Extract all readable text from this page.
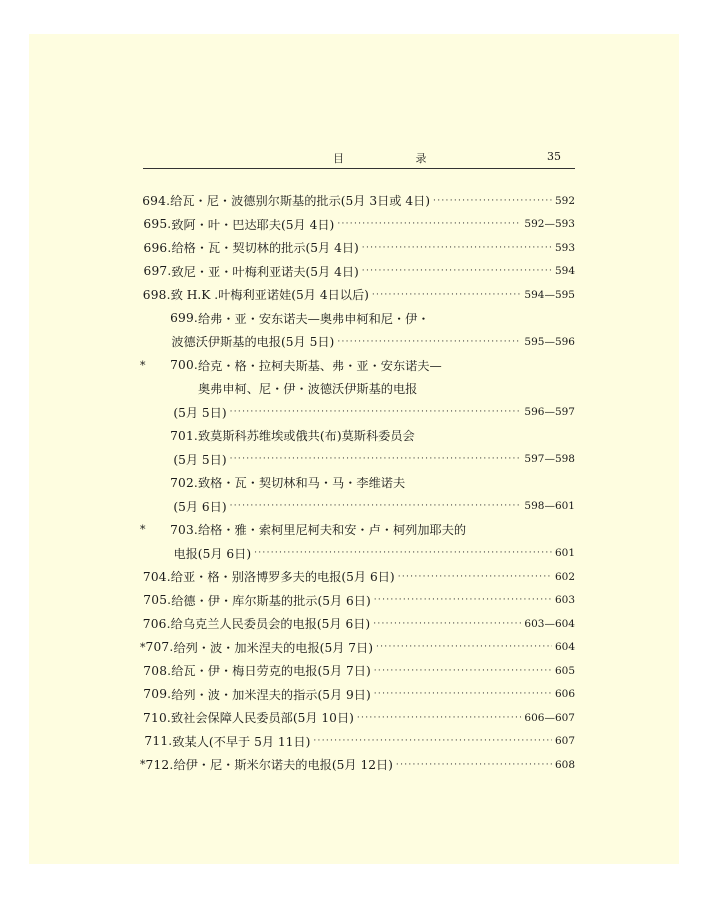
目 录	35
694. 给瓦・尼・波德别尔斯基的批示(5月 3日或 4日) ·····	592
695. 致阿・叶・巴达耶夫(5月 4日) ·····	592—593
696. 给格・瓦・契切林的批示(5月 4日) ·····	593
697. 致尼・亚・叶梅利亚诺夫(5月 4日) ·····	594
698. 致 H.K .叶梅利亚诺娃(5月 4日以后) ·····	594—595
699. 给弗・亚・安东诺夫—奥弗申柯和尼・伊・
波德沃伊斯基的电报(5月 5日) ·····	595—596
*	700. 给克・格・拉柯夫斯基、弗・亚・安东诺夫—
奥弗申柯、尼・伊・波德沃伊斯基的电报
(5月 5日) ·····	596—597
701. 致莫斯科苏维埃或俄共(布)莫斯科委员会
(5月 5日) ·····	597—598
702. 致格・瓦・契切林和马・马・李维诺夫
(5月 6日) ·····	598—601
*	703. 给格・雅・索柯里尼柯夫和安・卢・柯列加耶夫的
电报(5月 6日) ·····	601
704. 给亚・格・别洛博罗多夫的电报(5月 6日) ·····	602
705. 给德・伊・库尔斯基的批示(5月 6日) ·····	603
706. 给乌克兰人民委员会的电报(5月 6日) ·····	603—604
* 707. 给列・波・加米涅夫的电报(5月 7日) ·····	604
708. 给瓦・伊・梅日劳克的电报(5月 7日) ·····	605
709. 给列・波・加米涅夫的指示(5月 9日) ·····	606
710. 致社会保障人民委员部(5月 10日) ·····	606—607
711. 致某人(不早于 5月 11日) ·····	607
* 712. 给伊・尼・斯米尔诺夫的电报(5月 12日) ·····	608
